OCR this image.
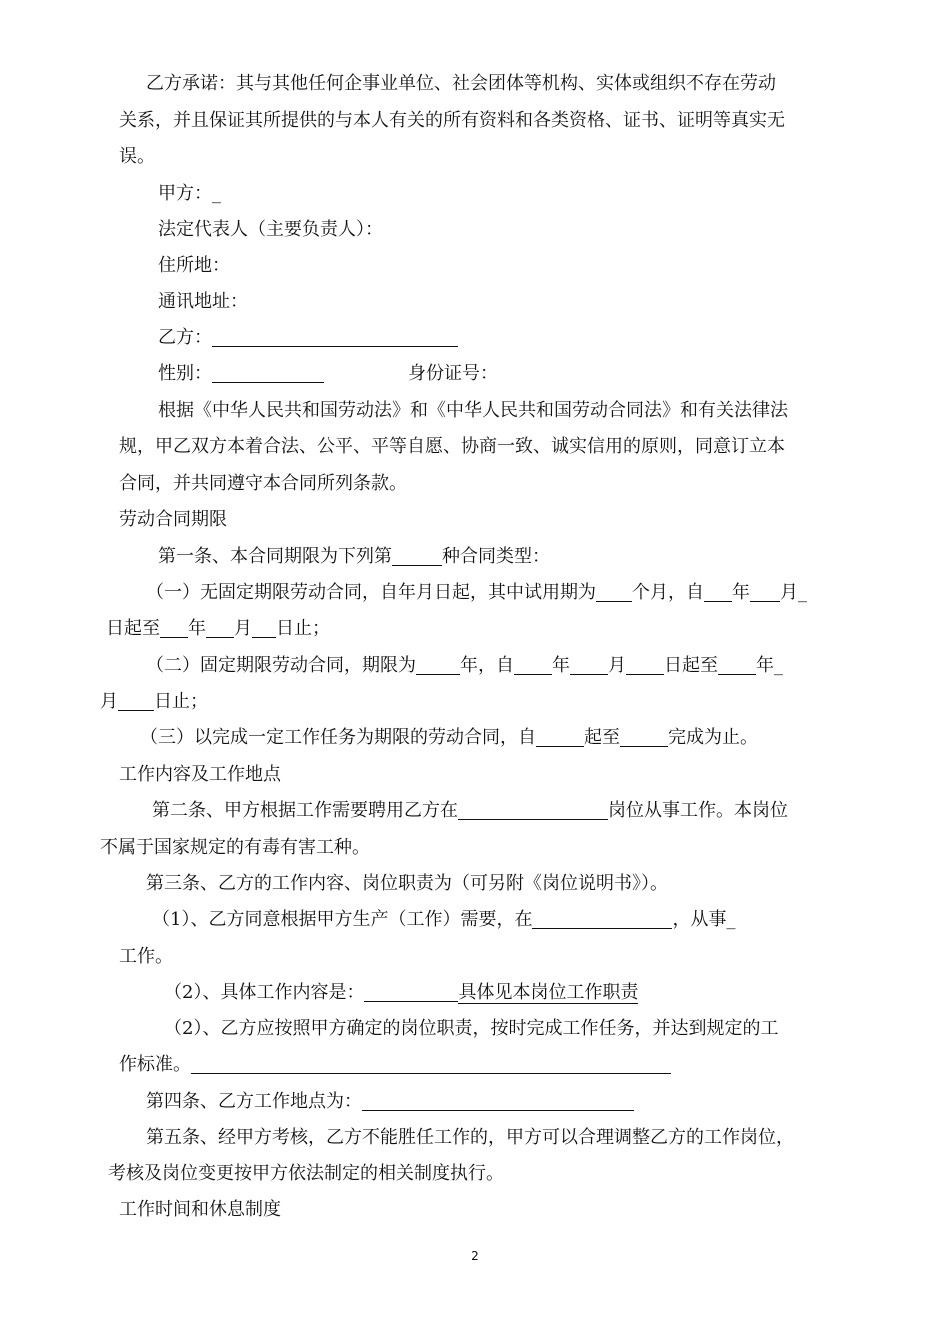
乙方承诺：其与其他任何企事业单位、社会团体等机构、实体或组织不存在劳动
关系，并且保证其所提供的与本人有关的所有资料和各类资格、证书、证明等真实无
误。
甲方：_
法定代表人（主要负责人）：
住所地：
通讯地址：
乙方：
性别：	身份证号：
根据《中华人民共和国劳动法》和《中华人民共和国劳动合同法》和有关法律法
规，甲乙双方本着合法、公平、平等自愿、协商一致、诚实信用的原则，同意订立本
合同，并共同遵守本合同所列条款。
劳动合同期限
第一条、本合同期限为下列第	种合同类型：
（一）无固定期限劳动合同，自年月日起，其中试用期为 个月，自 年 月_
日起至 年 月 日止；
（二）固定期限劳动合同，期限为 年，自 年 月 日起至 年_
月 日止；
（三）以完成一定工作任务为期限的劳动合同，自	起至	完成为止。
工作内容及工作地点
第二条、甲方根据工作需要聘用乙方在	岗位从事工作。本岗位
不属于国家规定的有毒有害工种。
第三条、乙方的工作内容、岗位职责为（可另附《岗位说明书》）。
（1）、乙方同意根据甲方生产（工作）需要，在	，从事_
工作。
（2）、具体工作内容是：	具体见本岗位工作职责
（2）、乙方应按照甲方确定的岗位职责，按时完成工作任务，并达到规定的工
作标准。
第四条、乙方工作地点为：
第五条、经甲方考核，乙方不能胜任工作的，甲方可以合理调整乙方的工作岗位，
考核及岗位变更按甲方依法制定的相关制度执行。
工作时间和休息制度
2
